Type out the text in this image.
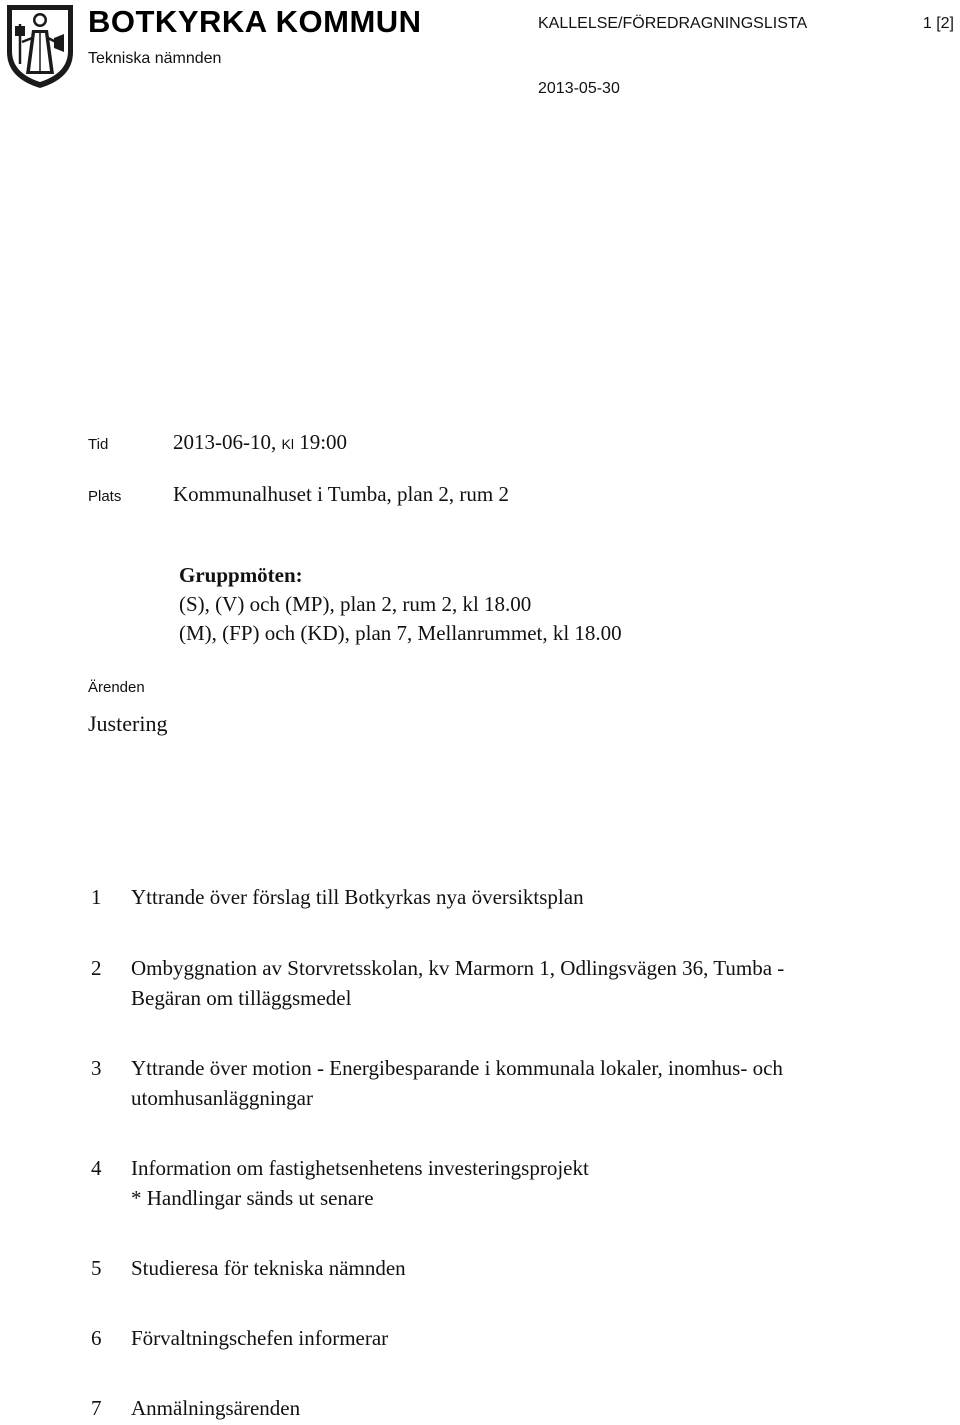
BOTKYRKA KOMMUN
Tekniska nämnden
KALLELSE/FÖREDRAGNINGSLISTA	1 [2]
2013-05-30
Tid	2013-06-10, Kl 19:00
Plats Kommunalhuset i Tumba, plan 2, rum 2
Gruppmöten:
(S), (V) och (MP), plan 2, rum 2, kl 18.00
(M), (FP) och (KD), plan 7, Mellanrummet, kl 18.00
Ärenden
Justering
1 Yttrande över förslag till Botkyrkas nya översiktsplan
2 Ombyggnation av Storvretsskolan, kv Marmorn 1, Odlingsvägen 36, Tumba -
Begäran om tilläggsmedel
3 Yttrande över motion - Energibesparande i kommunala lokaler, inomhus- och
utomhusanläggningar
4 Information om fastighetsenhetens investeringsprojekt
* Handlingar sänds ut senare
5 Studieresa för tekniska nämnden
6 Förvaltningschefen informerar
7 Anmälningsärenden
